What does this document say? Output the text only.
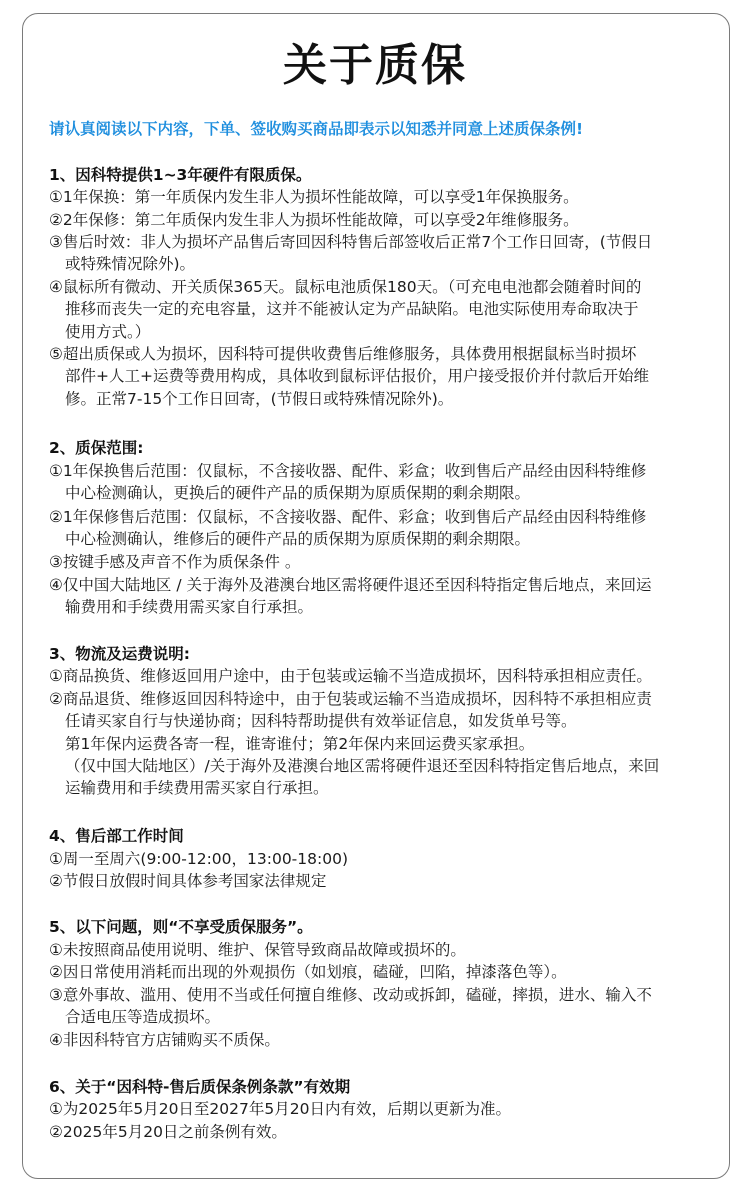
关于质保
请认真阅读以下内容，下单、签收购买商品即表示以知悉并同意上述质保条例!
1、因科特提供1~3年硬件有限质保。
①1年保换：第一年质保内发生非人为损坏性能故障，可以享受1年保换服务。
②2年保修：第二年质保内发生非人为损坏性能故障，可以享受2年维修服务。
③售后时效：非人为损坏产品售后寄回因科特售后部签收后正常7个工作日回寄，(节假日
或特殊情况除外)。
④鼠标所有微动、开关质保365天。鼠标电池质保180天。（可充电电池都会随着时间的
推移而丧失一定的充电容量，这并不能被认定为产品缺陷。电池实际使用寿命取决于
使用方式。）
⑤超出质保或人为损坏，因科特可提供收费售后维修服务，具体费用根据鼠标当时损坏
部件+人工+运费等费用构成，具体收到鼠标评估报价，用户接受报价并付款后开始维
修。正常7-15个工作日回寄，(节假日或特殊情况除外)。
2、质保范围:
①1年保换售后范围：仅鼠标，不含接收器、配件、彩盒；收到售后产品经由因科特维修
中心检测确认，更换后的硬件产品的质保期为原质保期的剩余期限。
②1年保修售后范围：仅鼠标，不含接收器、配件、彩盒；收到售后产品经由因科特维修
中心检测确认，维修后的硬件产品的质保期为原质保期的剩余期限。
③按键手感及声音不作为质保条件 。
④仅中国大陆地区 / 关于海外及港澳台地区需将硬件退还至因科特指定售后地点，来回运
输费用和手续费用需买家自行承担。
3、物流及运费说明:
①商品换货、维修返回用户途中，由于包装或运输不当造成损坏，因科特承担相应责任。
②商品退货、维修返回因科特途中，由于包装或运输不当造成损坏，因科特不承担相应责
任请买家自行与快递协商；因科特帮助提供有效举证信息，如发货单号等。
第1年保内运费各寄一程，谁寄谁付；第2年保内来回运费买家承担。
（仅中国大陆地区）/关于海外及港澳台地区需将硬件退还至因科特指定售后地点，来回
运输费用和手续费用需买家自行承担。
4、售后部工作时间
①周一至周六(9:00-12:00，13:00-18:00)
②节假日放假时间具体参考国家法律规定
5、以下问题，则“不享受质保服务”。
①未按照商品使用说明、维护、保管导致商品故障或损坏的。
②因日常使用消耗而出现的外观损伤（如划痕，磕碰，凹陷，掉漆落色等）。
③意外事故、滥用、使用不当或任何擅自维修、改动或拆卸，磕碰，摔损，进水、输入不
合适电压等造成损坏。
④非因科特官方店铺购买不质保。
6、关于“因科特-售后质保条例条款”有效期
①为2025年5月20日至2027年5月20日内有效，后期以更新为准。
②2025年5月20日之前条例有效。
